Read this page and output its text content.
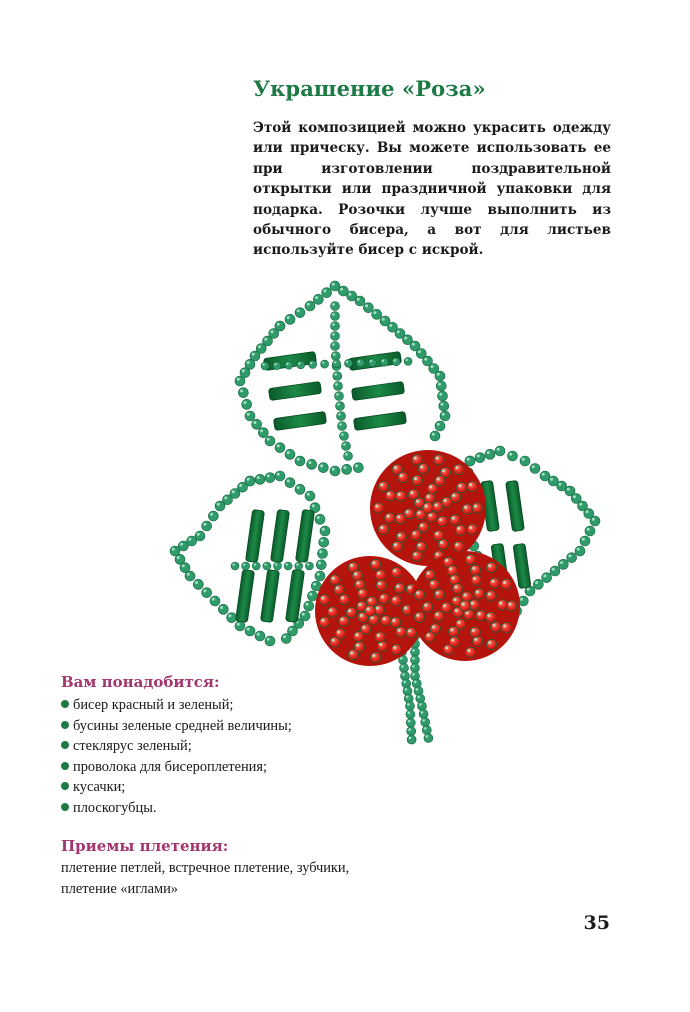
Украшение «Роза»

Этой композицией можно украсить одежду или прическу. Вы можете использовать ее при изготовлении поздравительной открытки или праздничной упаковки для подарка. Розочки лучше выполнить из обычного бисера, а вот для листьев используйте бисер с искрой.

Вам понадобится:
бисер красный и зеленый;
бусины зеленые средней величины;
стеклярус зеленый;
проволока для бисероплетения;
кусачки;
плоскогубцы.
Приемы плетения:

плетение петлей, встречное плетение, зубчики,
плетение «иглами»

35
